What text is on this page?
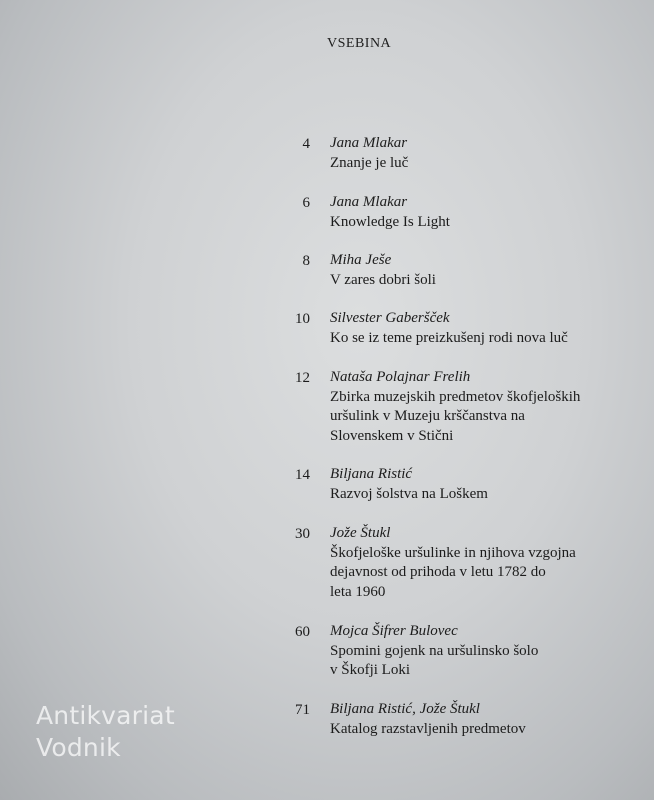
VSEBINA
4 Jana Mlakar
Znanje je luč
6 Jana Mlakar
Knowledge Is Light
8 Miha Ješe
V zares dobri šoli
10 Silvester Gaberšček
Ko se iz teme preizkušenj rodi nova luč
12 Nataša Polajnar Frelih
Zbirka muzejskih predmetov škofjeloških
uršulink v Muzeju krščanstva na
Slovenskem v Stični
14 Biljana Ristić
Razvoj šolstva na Loškem
30 Jože Štukl
Škofjeloške uršulinke in njihova vzgojna
dejavnost od prihoda v letu 1782 do
leta 1960
60 Mojca Šifrer Bulovec
Spomini gojenk na uršulinsko šolo
v Škofji Loki
71 Biljana Ristić, Jože Štukl
Katalog razstavljenih predmetov
Antikvariat
Vodnik
